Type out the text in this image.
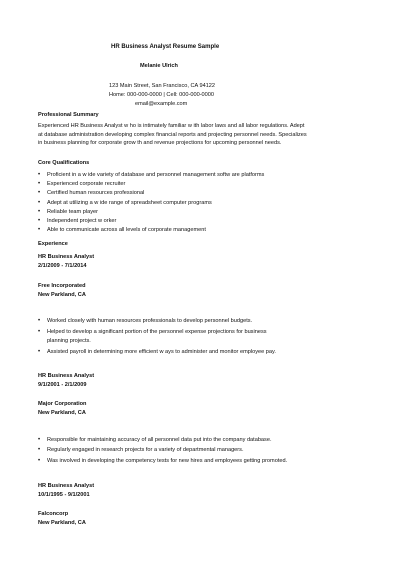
HR Business Analyst Resume Sample
Melanie Ulrich
123 Main Street, San Francisco, CA 94122
Home: 000-000-0000 | Cell: 000-000-0000
email@example.com
Professional Summary
Experienced HR Business Analyst w ho is intimately familiar w ith labor laws and all labor regulations. Adept at database administration developing complex financial reports and projecting personnel needs. Specializes in business planning for corporate grow th and revenue projections for upcoming personnel needs.
Core Qualifications
• Proficient in a w ide variety of database and personnel management softw are platforms
• Experienced corporate recruiter
• Certified human resources professional
• Adept at utilizing a w ide range of spreadsheet computer programs
• Reliable team player
• Independent project w orker
• Able to communicate across all levels of corporate management
Experience
HR Business Analyst
2/1/2009 - 7/1/2014
Free Incorporated
New Parkland, CA
• Worked closely with human resources professionals to develop personnel budgets.
• Helped to develop a significant portion of the personnel expense projections for business planning projects.
• Assisted payroll in determining more efficient w ays to administer and monitor employee pay.
HR Business Analyst
9/1/2001 - 2/1/2009
Major Corporation
New Parkland, CA
• Responsible for maintaining accuracy of all personnel data put into the company database.
• Regularly engaged in research projects for a variety of departmental managers.
• Was involved in developing the competency tests for new hires and employees getting promoted.
HR Business Analyst
10/1/1995 - 9/1/2001
Falconcorp
New Parkland, CA
